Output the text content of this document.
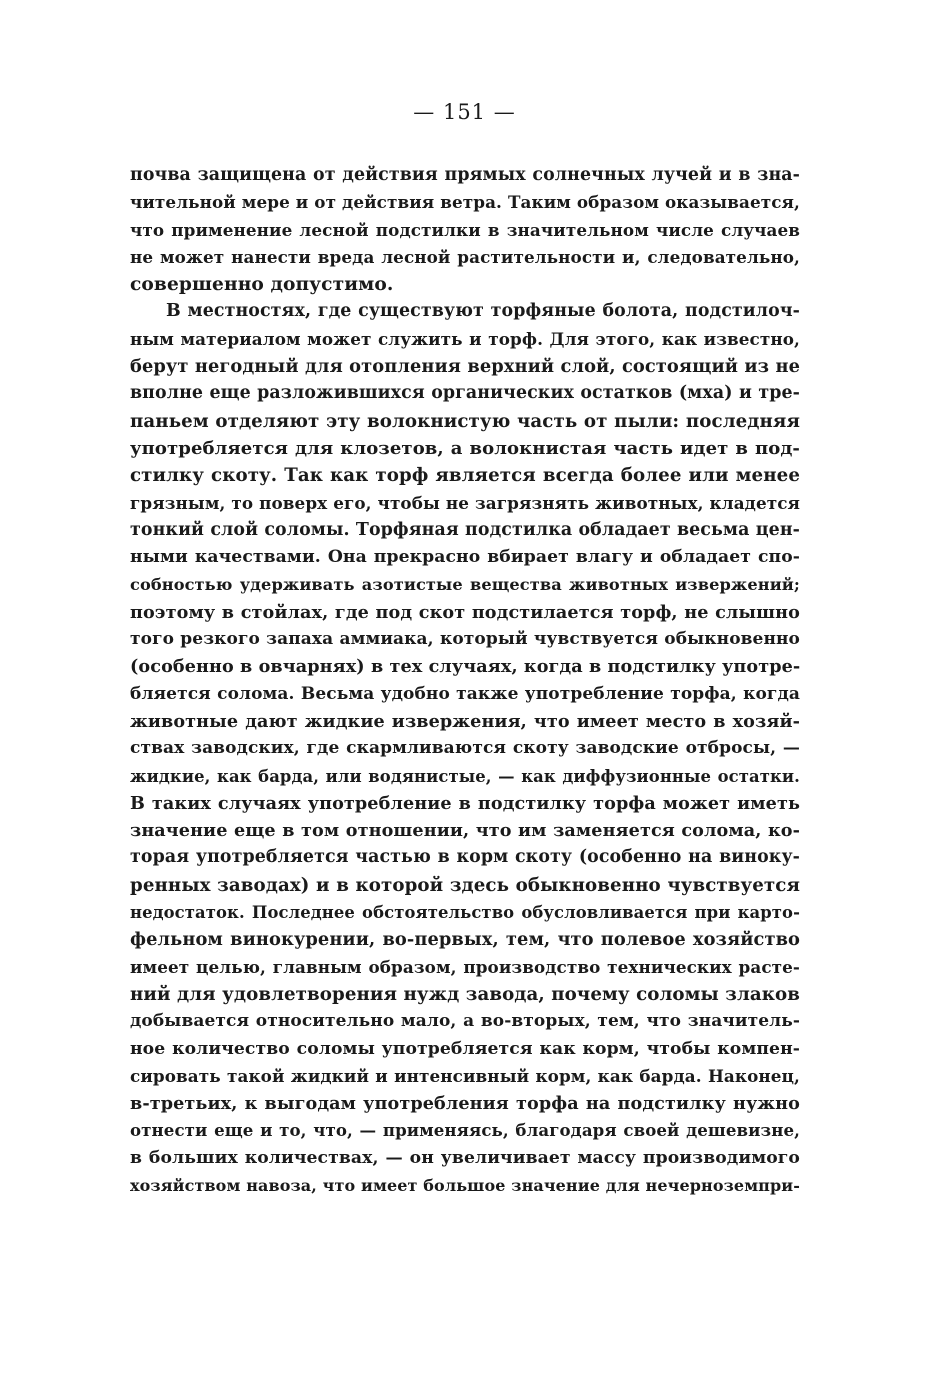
— 151 —
почва защищена от действия прямых солнечных лучей и в зна-
чительной мере и от действия ветра. Таким образом оказывается,
что применение лесной подстилки в значительном числе случаев
не может нанести вреда лесной растительности и, следовательно,
совершенно допустимо.
В местностях, где существуют торфяные болота, подстилоч-
ным материалом может служить и торф. Для этого, как известно,
берут негодный для отопления верхний слой, состоящий из не
вполне еще разложившихся органических остатков (мха) и тре-
паньем отделяют эту волокнистую часть от пыли: последняя
употребляется для клозетов, а волокнистая часть идет в под-
стилку скоту. Так как торф является всегда более или менее
грязным, то поверх его, чтобы не загрязнять животных, кладется
тонкий слой соломы. Торфяная подстилка обладает весьма цен-
ными качествами. Она прекрасно вбирает влагу и обладает спо-
собностью удерживать азотистые вещества животных извержений;
поэтому в стойлах, где под скот подстилается торф, не слышно
того резкого запаха аммиака, который чувствуется обыкновенно
(особенно в овчарнях) в тех случаях, когда в подстилку употре-
бляется солома. Весьма удобно также употребление торфа, когда
животные дают жидкие извержения, что имеет место в хозяй-
ствах заводских, где скармливаются скоту заводские отбросы, —
жидкие, как барда, или водянистые, — как диффузионные остатки.
В таких случаях употребление в подстилку торфа может иметь
значение еще в том отношении, что им заменяется солома, ко-
торая употребляется частью в корм скоту (особенно на винoку-
ренных заводах) и в которой здесь обыкновенно чувствуется
недостаток. Последнее обстоятельство обусловливается при карто-
фельном винокурении, во-первых, тем, что полевое хозяйство
имеет целью, главным образом, производство технических расте-
ний для удовлетворения нужд завода, почему соломы злаков
добывается относительно мало, а во-вторых, тем, что значитель-
ное количество соломы употребляется как корм, чтобы компен-
сировать такой жидкий и интенсивный корм, как барда. Наконец,
в-третьих, к выгодам употребления торфа на подстилку нужно
отнести еще и то, что, — применяясь, благодаря своей дешевизне,
в больших количествах, — он увеличивает массу производимого
хозяйством навоза, что имеет большое значение для нечерноземпри-
